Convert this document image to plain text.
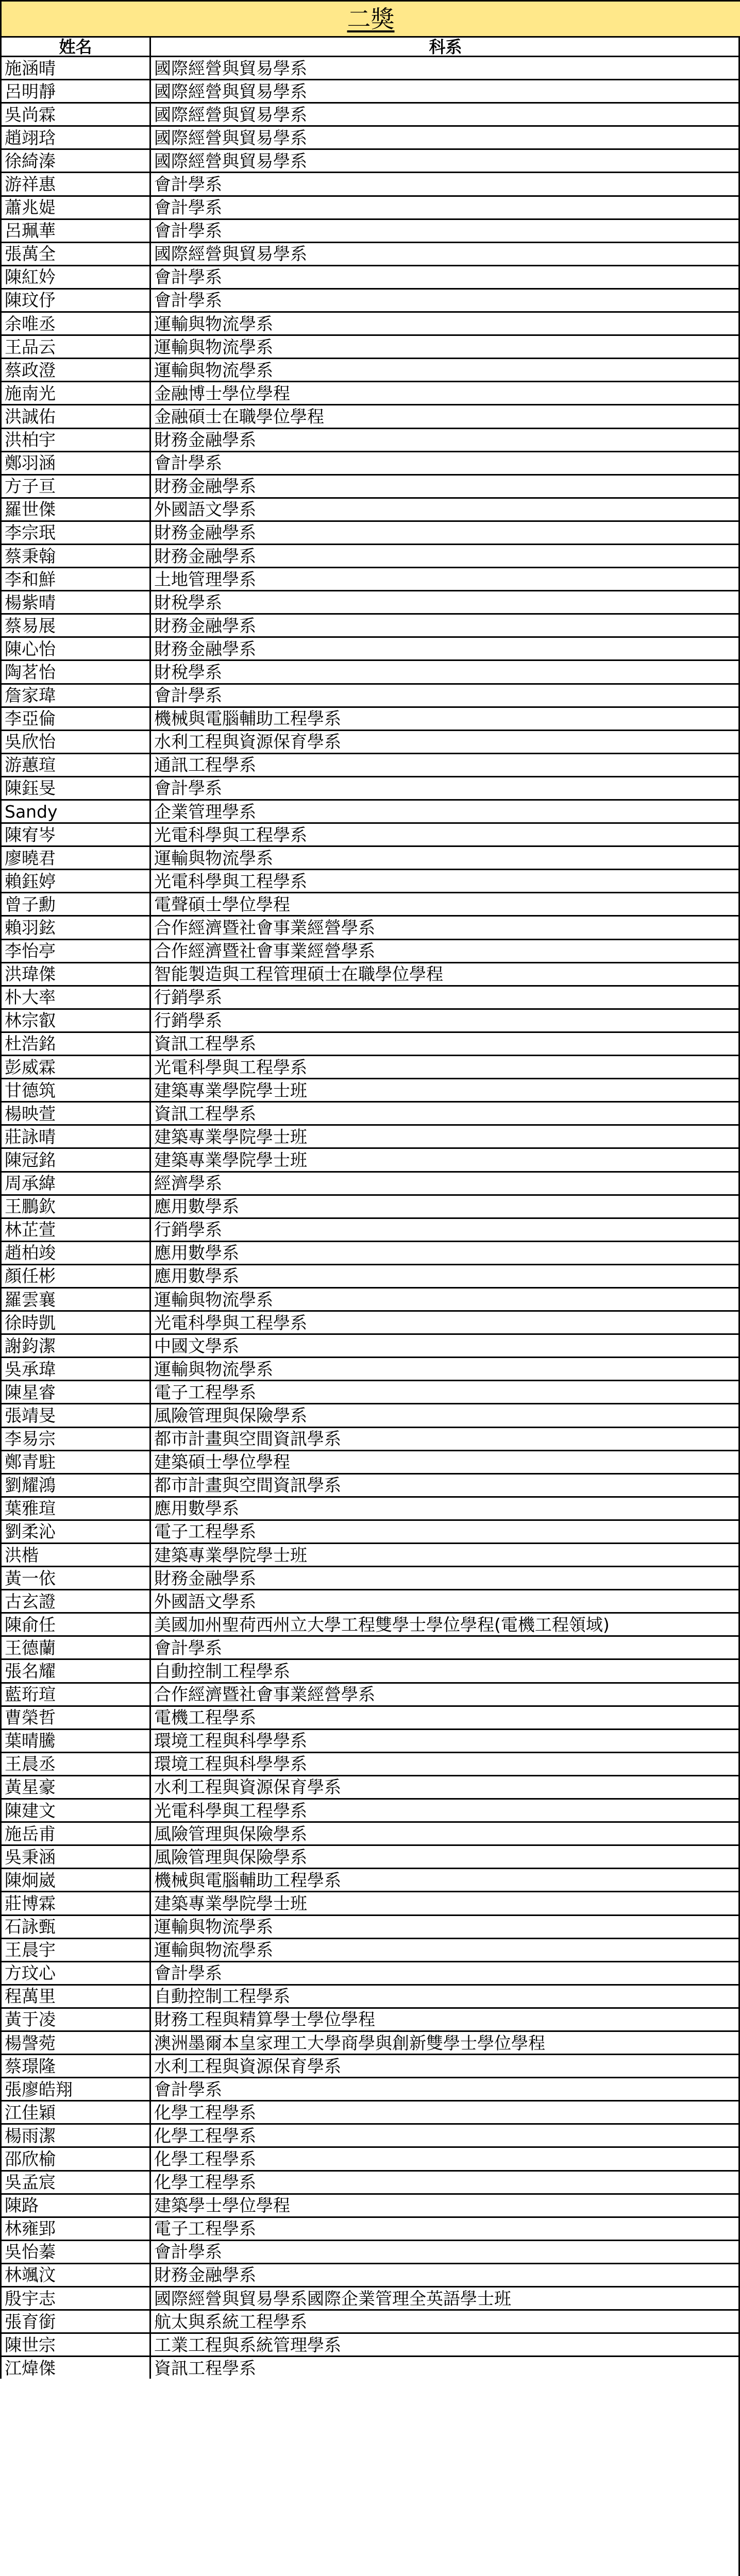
二獎
姓名	科系
施涵晴	國際經營與貿易學系
呂明靜	國際經營與貿易學系
吳尚霖	國際經營與貿易學系
趙翊琀	國際經營與貿易學系
徐綺溱	國際經營與貿易學系
游祥惠	會計學系
蕭兆媞	會計學系
呂珮華	會計學系
張萬全	國際經營與貿易學系
陳紅妗	會計學系
陳玟伃	會計學系
余唯丞	運輸與物流學系
王品云	運輸與物流學系
蔡政澄	運輸與物流學系
施南光	金融博士學位學程
洪誠佑	金融碩士在職學位學程
洪柏宇	財務金融學系
鄭羽涵	會計學系
方子亘	財務金融學系
羅世傑	外國語文學系
李宗珉	財務金融學系
蔡秉翰	財務金融學系
李和鮮	土地管理學系
楊紫晴	財稅學系
蔡易展	財務金融學系
陳心怡	財務金融學系
陶茗怡	財稅學系
詹家瑋	會計學系
李亞倫	機械與電腦輔助工程學系
吳欣怡	水利工程與資源保育學系
游蕙瑄	通訊工程學系
陳鈺旻	會計學系
Sandy	企業管理學系
陳宥岑	光電科學與工程學系
廖曉君	運輸與物流學系
賴鈺婷	光電科學與工程學系
曾子勳	電聲碩士學位學程
賴羽鉉	合作經濟暨社會事業經營學系
李怡亭	合作經濟暨社會事業經營學系
洪瑋傑	智能製造與工程管理碩士在職學位學程
朴大率	行銷學系
林宗叡	行銷學系
杜浩銘	資訊工程學系
彭威霖	光電科學與工程學系
甘德筑	建築專業學院學士班
楊映萱	資訊工程學系
莊詠晴	建築專業學院學士班
陳冠銘	建築專業學院學士班
周承緯	經濟學系
王鵬欽	應用數學系
林芷萱	行銷學系
趙柏竣	應用數學系
顏任彬	應用數學系
羅雲襄	運輸與物流學系
徐時凱	光電科學與工程學系
謝鈞潔	中國文學系
吳承瑋	運輸與物流學系
陳星睿	電子工程學系
張靖旻	風險管理與保險學系
李易宗	都市計畫與空間資訊學系
鄭青駐	建築碩士學位學程
劉耀鴻	都市計畫與空間資訊學系
葉雅瑄	應用數學系
劉柔沁	電子工程學系
洪楷	建築專業學院學士班
黃一依	財務金融學系
古玄證	外國語文學系
陳俞任	美國加州聖荷西州立大學工程雙學士學位學程(電機工程領域)
王德蘭	會計學系
張名耀	自動控制工程學系
藍珩瑄	合作經濟暨社會事業經營學系
曹榮哲	電機工程學系
葉晴騰	環境工程與科學學系
王晨丞	環境工程與科學學系
黃星豪	水利工程與資源保育學系
陳建文	光電科學與工程學系
施岳甫	風險管理與保險學系
吳秉涵	風險管理與保險學系
陳炯崴	機械與電腦輔助工程學系
莊博霖	建築專業學院學士班
石詠甄	運輸與物流學系
王晨宇	運輸與物流學系
方玟心	會計學系
程萬里	自動控制工程學系
黃于凌	財務工程與精算學士學位學程
楊謦菀	澳洲墨爾本皇家理工大學商學與創新雙學士學位學程
蔡璟隆	水利工程與資源保育學系
張廖皓翔	會計學系
江佳穎	化學工程學系
楊雨潔	化學工程學系
邵欣榆	化學工程學系
吳孟宸	化學工程學系
陳路	建築學士學位學程
林雍郢	電子工程學系
吳怡蓁	會計學系
林颯汶	財務金融學系
殷宇志	國際經營與貿易學系國際企業管理全英語學士班
張育銜	航太與系統工程學系
陳世宗	工業工程與系統管理學系
江煒傑	資訊工程學系
